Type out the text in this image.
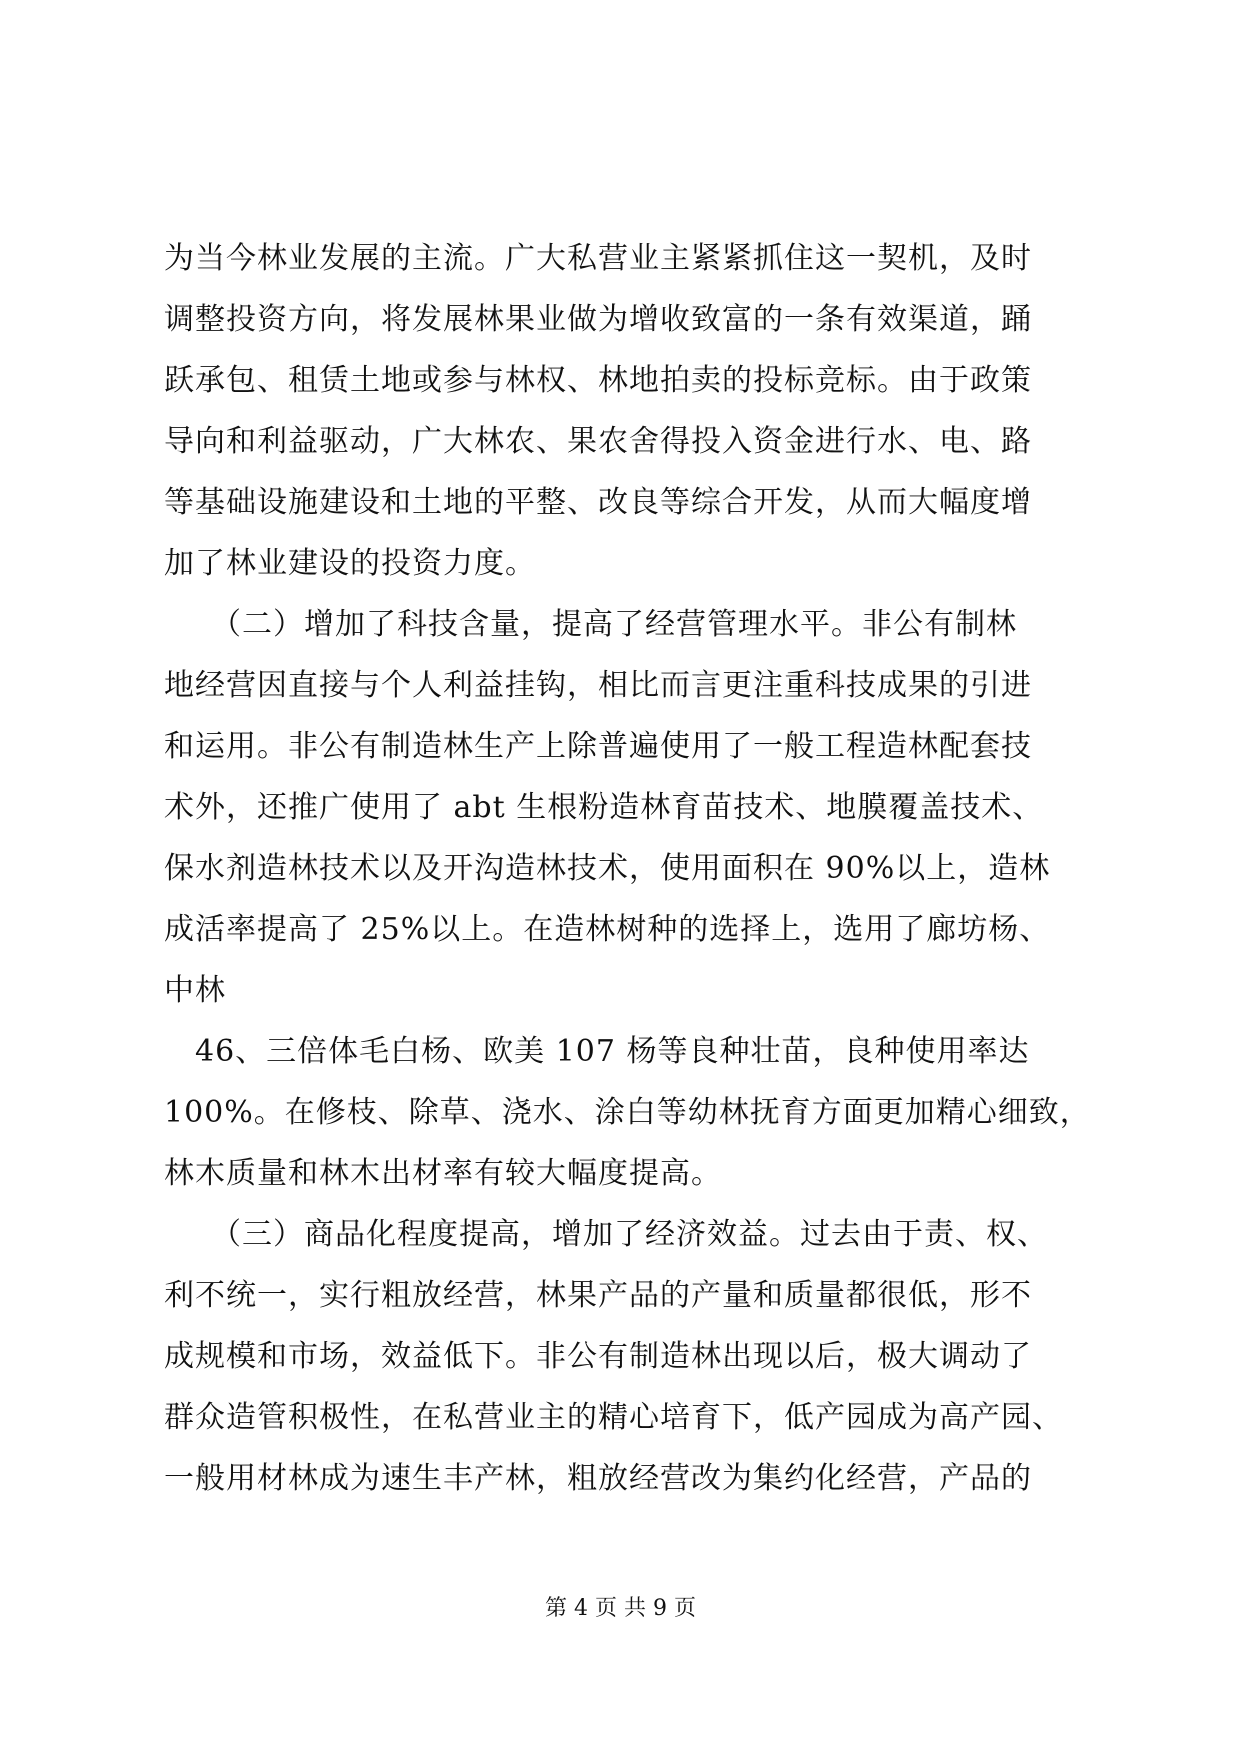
为当今林业发展的主流。广大私营业主紧紧抓住这一契机，及时
调整投资方向，将发展林果业做为增收致富的一条有效渠道，踊
跃承包、租赁土地或参与林权、林地拍卖的投标竞标。由于政策
导向和利益驱动，广大林农、果农舍得投入资金进行水、电、路
等基础设施建设和土地的平整、改良等综合开发，从而大幅度增
加了林业建设的投资力度。
　　（二）增加了科技含量，提高了经营管理水平。非公有制林
地经营因直接与个人利益挂钩，相比而言更注重科技成果的引进
和运用。非公有制造林生产上除普遍使用了一般工程造林配套技
术外，还推广使用了 abt 生根粉造林育苗技术、地膜覆盖技术、
保水剂造林技术以及开沟造林技术，使用面积在 90%以上，造林
成活率提高了 25%以上。在造林树种的选择上，选用了廊坊杨、
中林
　46、三倍体毛白杨、欧美 107 杨等良种壮苗，良种使用率达
100%。在修枝、除草、浇水、涂白等幼林抚育方面更加精心细致，
林木质量和林木出材率有较大幅度提高。
　　（三）商品化程度提高，增加了经济效益。过去由于责、权、
利不统一，实行粗放经营，林果产品的产量和质量都很低，形不
成规模和市场，效益低下。非公有制造林出现以后，极大调动了
群众造管积极性，在私营业主的精心培育下，低产园成为高产园、
一般用材林成为速生丰产林，粗放经营改为集约化经营，产品的
第 4 页 共 9 页
